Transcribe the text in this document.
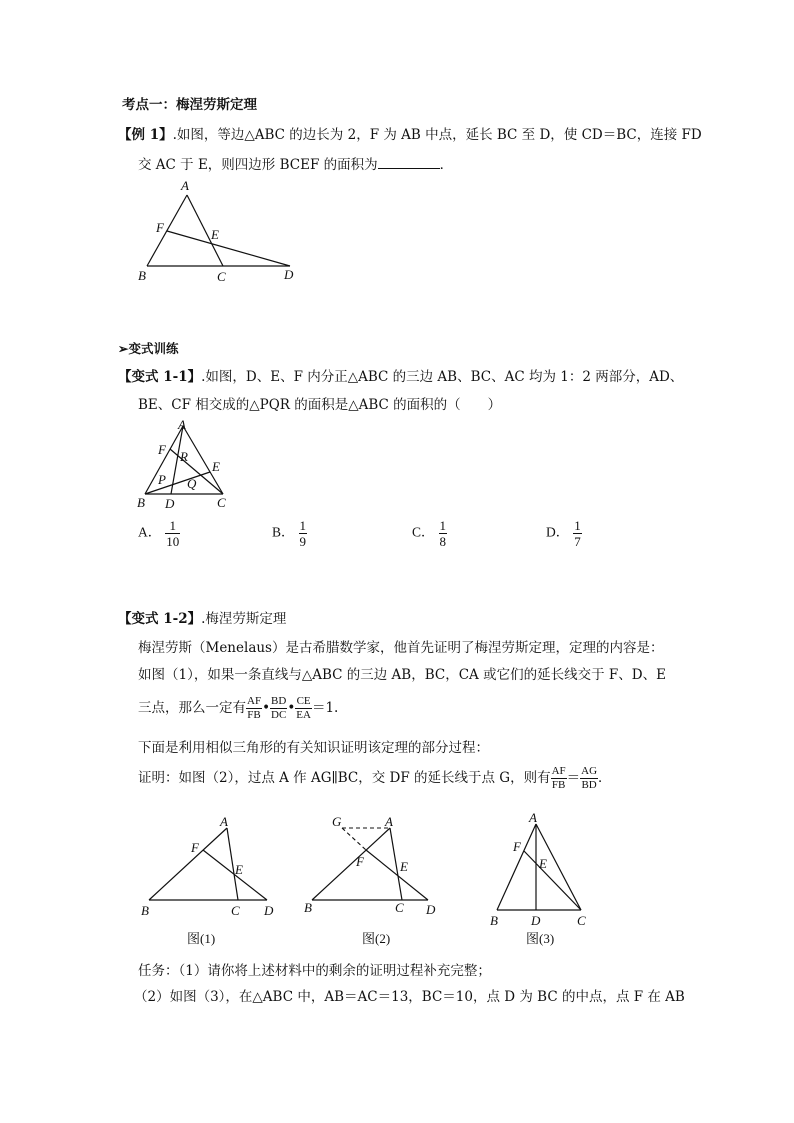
考点一：梅涅劳斯定理
【例 1】.如图，等边△ABC 的边长为 2，F 为 AB 中点，延长 BC 至 D，使 CD＝BC，连接 FD
交 AC 于 E，则四边形 BCEF 的面积为	．
A
B	C	D
E
F
➢变式训练
【变式 1-1】.如图，D、E、F 内分正△ABC 的三边 AB、BC、AC 均为 1：2 两部分，AD、
BE、CF 相交成的△PQR 的面积是△ABC 的面积的（　　）
A
B	C
D
E
F
P Q
R
A． $\frac{1}{10}$	B． $\frac{1}{9}$	C． $\frac{1}{8}$	D． $\frac{1}{7}$
【变式 1-2】.梅涅劳斯定理
梅涅劳斯（Menelaus）是古希腊数学家，他首先证明了梅涅劳斯定理，定理的内容是：
如图（1），如果一条直线与△ABC 的三边 AB，BC，CA 或它们的延长线交于 F、D、E
三点，那么一定有 $\frac{AF}{FB}$ • $\frac{BD}{DC}$ • $\frac{CE}{EA} =1$.
下面是利用相似三角形的有关知识证明该定理的部分过程：
证明：如图（2），过点 A 作 AG∥BC，交 DF 的延长线于点 G，则有 $\frac{AF}{FB} = \frac{AG}{BD}$ ．
A
B	C D
E
F
图(1)
G	A
B	C D
E
F
图(2)
A
B	C
D
E
F
图(3)
任务：（1）请你将上述材料中的剩余的证明过程补充完整；
（2）如图（3），在△ABC 中，AB＝AC＝13，BC＝10，点 D 为 BC 的中点，点 F 在 AB
